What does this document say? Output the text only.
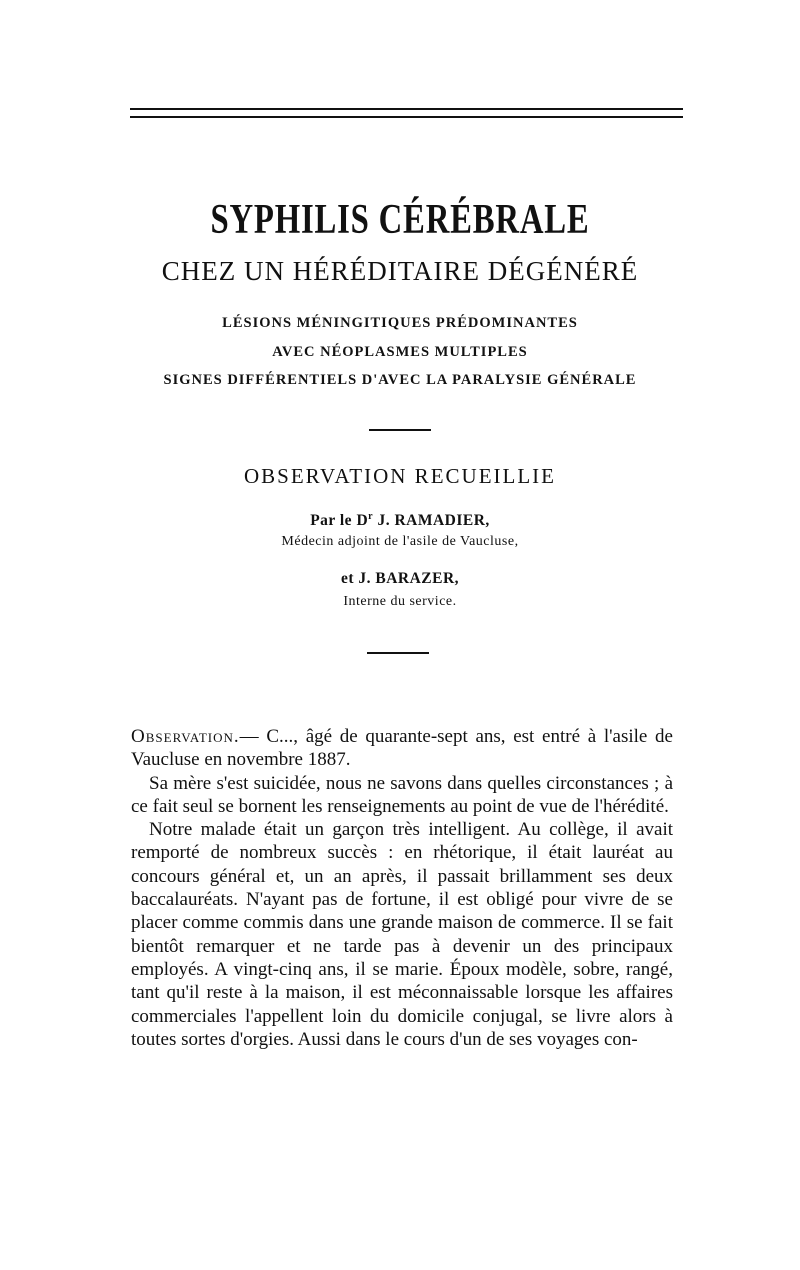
SYPHILIS CÉRÉBRALE
CHEZ UN HÉRÉDITAIRE DÉGÉNÉRÉ
LÉSIONS MÉNINGITIQUES PRÉDOMINANTES
AVEC NÉOPLASMES MULTIPLES
SIGNES DIFFÉRENTIELS D'AVEC LA PARALYSIE GÉNÉRALE
OBSERVATION RECUEILLIE
Par le $D^r$ J. RAMADIER,
Médecin adjoint de l'asile de Vaucluse,
et J. BARAZER,
Interne du service.

Observation.— C..., âgé de quarante-sept ans, est entré à l'asile de Vaucluse en novembre 1887.

Sa mère s'est suicidée, nous ne savons dans quelles circonstances ; à ce fait seul se bornent les renseignements au point de vue de l'hérédité.

Notre malade était un garçon très intelligent. Au collège, il avait remporté de nombreux succès : en rhétorique, il était lauréat au concours général et, un an après, il passait brillamment ses deux baccalauréats. N'ayant pas de fortune, il est obligé pour vivre de se placer comme commis dans une grande maison de commerce. Il se fait bientôt remarquer et ne tarde pas à devenir un des principaux employés. A vingt-cinq ans, il se marie. Époux modèle, sobre, rangé, tant qu'il reste à la maison, il est méconnaissable lorsque les affaires commerciales l'appellent loin du domicile conjugal, se livre alors à toutes sortes d'orgies. Aussi dans le cours d'un de ses voyages con-
